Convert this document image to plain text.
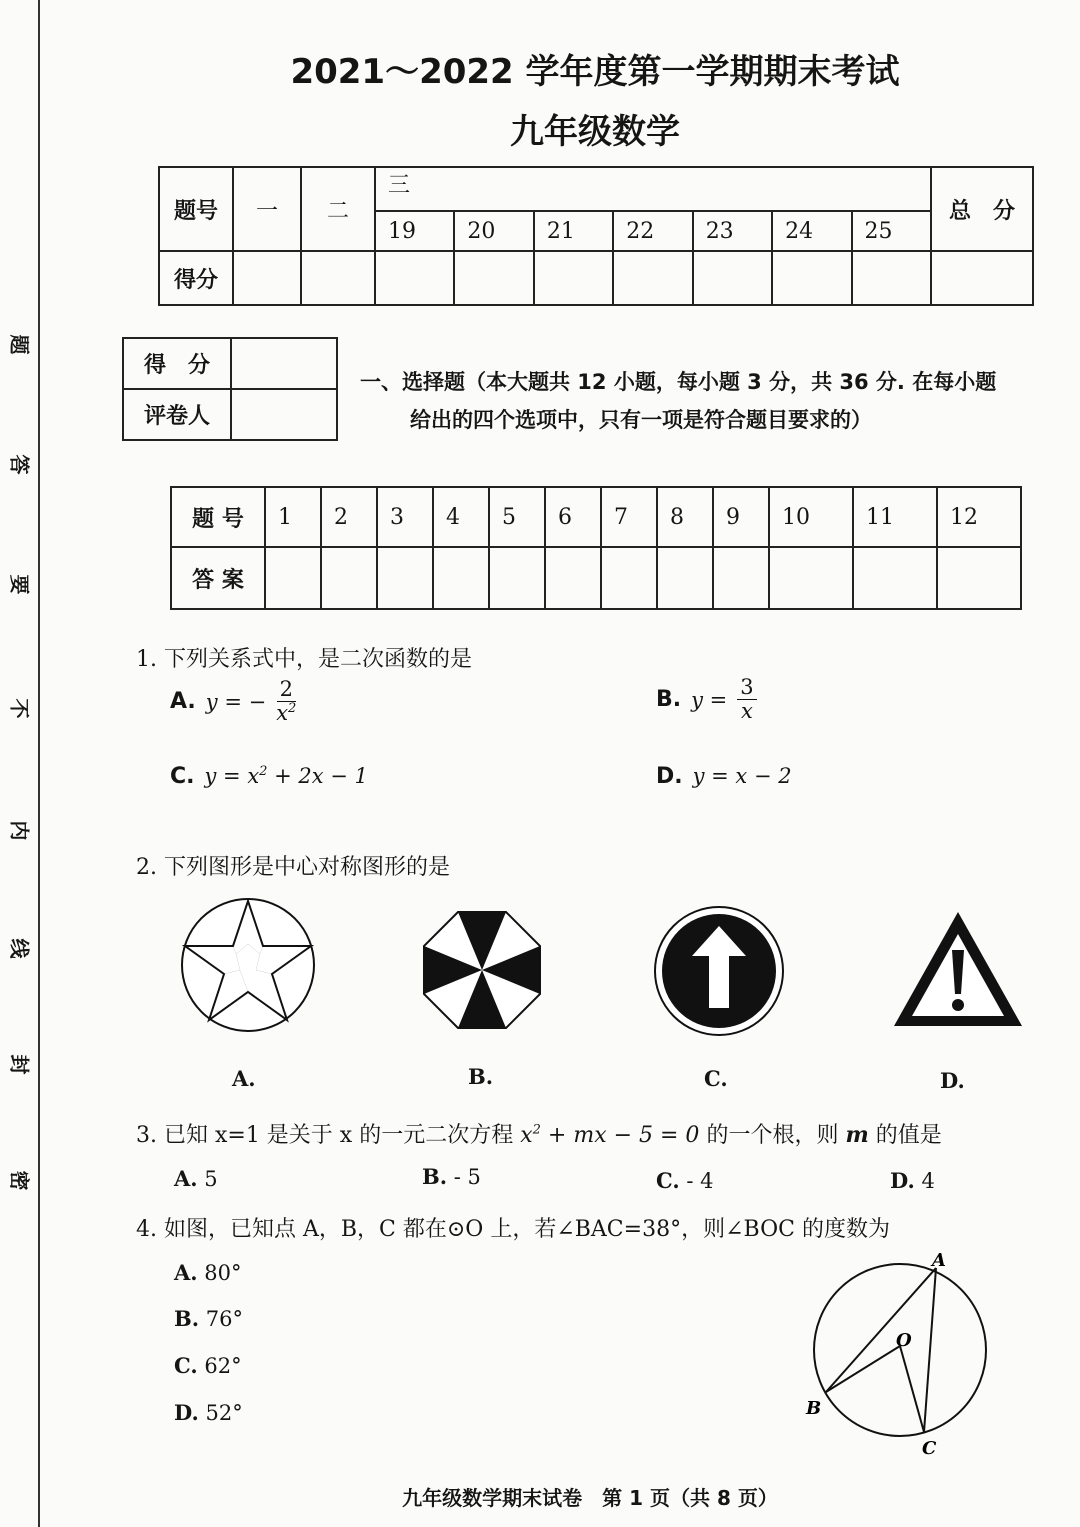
题
答
要
不
内
线
封
密
2021～2022 学年度第一学期期末考试
九年级数学
题号	一	二	三							总　分
			19	20	21	22	23	24	25	
得分										
得　分	
评卷人	
一、选择题（本大题共 12 小题，每小题 3 分，共 36 分. 在每小题
给出的四个选项中，只有一项是符合题目要求的）
题 号	1	2	3	4	5	6	7	8	9	10	11	12
答 案												
1. 下列关系式中，是二次函数的是
A. y = − $\frac{2}{x^2}$	B. $y = \frac{3}{x}$
C. $y = x^2 + 2x - 1$	D. y = x − 2
2. 下列图形是中心对称图形的是
A.	B.	C.	D.
3. 已知 x=1 是关于 x 的一元二次方程 $x^2$ + mx − 5 = 0 的一个根，则 m 的值是
A. 5	B. - 5	C. - 4	D. 4
4. 如图，已知点 A，B，C 都在⊙O 上，若∠BAC=38°，则∠BOC 的度数为
A. 80°
B. 76°
C. 62°
D. 52°
A
O
B
C
九年级数学期末试卷　第 1 页（共 8 页）
